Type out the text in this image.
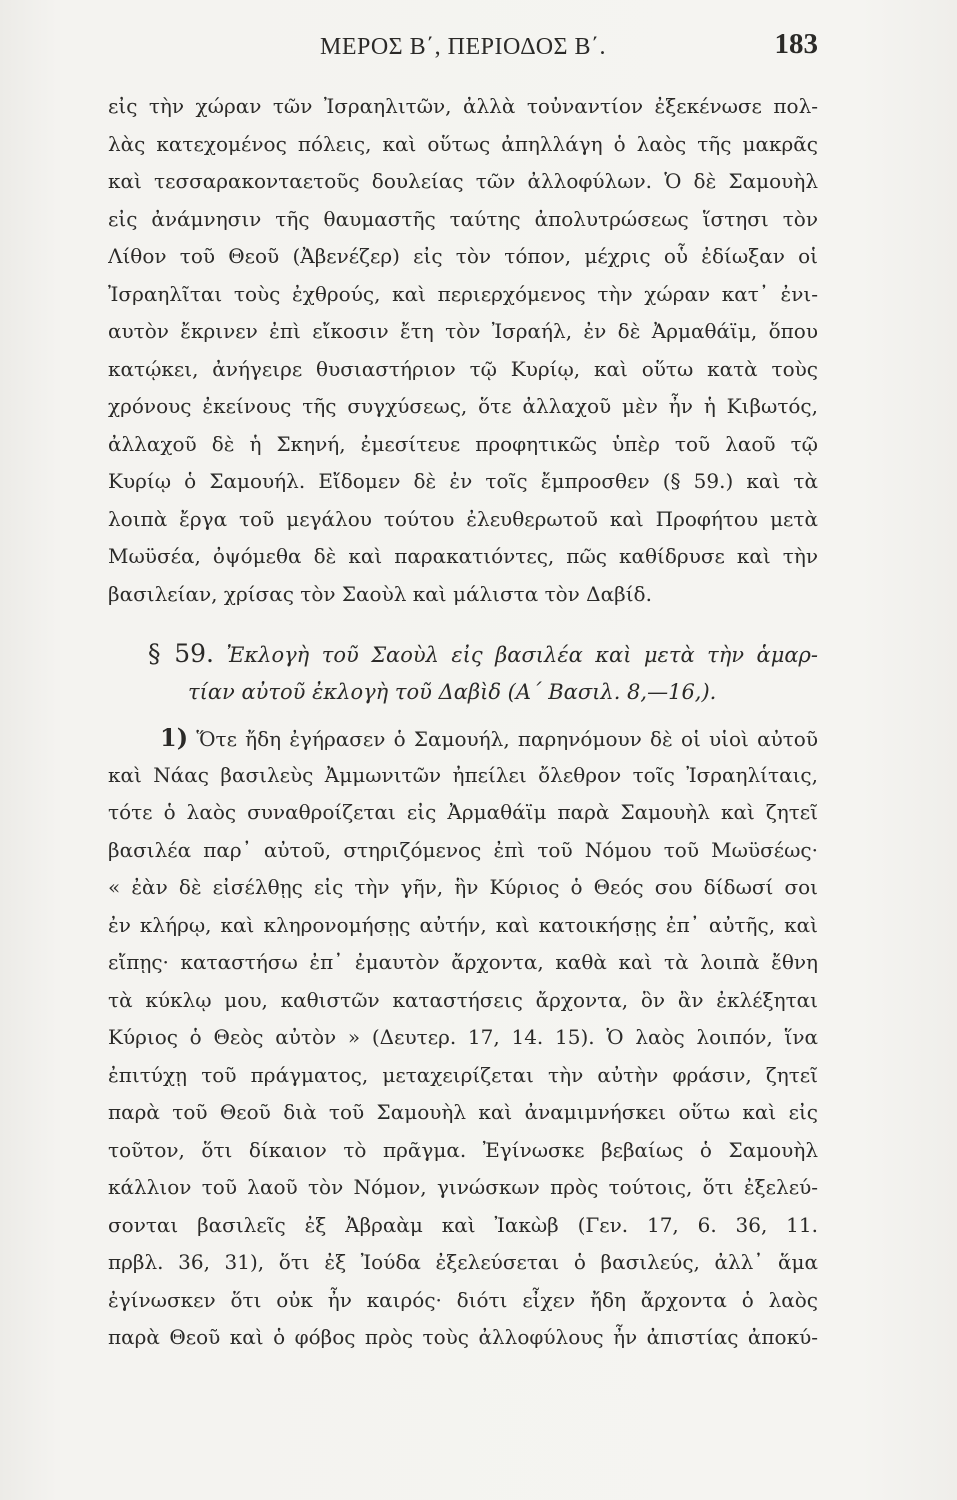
ΜΕΡΟΣ Β΄, ΠΕΡΙΟΔΟΣ Β΄.	183
εἰς τὴν χώραν τῶν Ἰσραηλιτῶν, ἀλλὰ τοὐναντίον ἐξεκένωσε πολ-
λὰς κατεχομένος πόλεις, καὶ οὕτως ἀπηλλάγη ὁ λαὸς τῆς μακρᾶς
καὶ τεσσαρακονταετοῦς δουλείας τῶν ἀλλοφύλων. Ὁ δὲ Σαμουὴλ
εἰς ἀνάμνησιν τῆς θαυμαστῆς ταύτης ἀπολυτρώσεως ἵστησι τὸν
Λίθον τοῦ Θεοῦ (Ἀβενέζερ) εἰς τὸν τόπον, μέχρις οὗ ἐδίωξαν οἱ
Ἰσραηλῖται τοὺς ἐχθρούς, καὶ περιερχόμενος τὴν χώραν κατ᾽ ἐνι-
αυτὸν ἔκρινεν ἐπὶ εἴκοσιν ἔτη τὸν Ἰσραήλ, ἐν δὲ Ἀρμαθάϊμ, ὅπου
κατῴκει, ἀνήγειρε θυσιαστήριον τῷ Κυρίῳ, καὶ οὕτω κατὰ τοὺς
χρόνους ἐκείνους τῆς συγχύσεως, ὅτε ἀλλαχοῦ μὲν ἦν ἡ Κιβωτός,
ἀλλαχοῦ δὲ ἡ Σκηνή, ἐμεσίτευε προφητικῶς ὑπὲρ τοῦ λαοῦ τῷ
Κυρίῳ ὁ Σαμουήλ. Εἴδομεν δὲ ἐν τοῖς ἔμπροσθεν (§ 59.) καὶ τὰ
λοιπὰ ἔργα τοῦ μεγάλου τούτου ἐλευθερωτοῦ καὶ Προφήτου μετὰ
Μωϋσέα, ὀψόμεθα δὲ καὶ παρακατιόντες, πῶς καθίδρυσε καὶ τὴν
βασιλείαν, χρίσας τὸν Σαοὺλ καὶ μάλιστα τὸν Δαβίδ.
§ 59. Ἐκλογὴ τοῦ Σαοὺλ εἰς βασιλέα καὶ μετὰ τὴν ἁμαρ-
τίαν αὐτοῦ ἐκλογὴ τοῦ Δαβὶδ (Α΄ Βασιλ. 8,—16,).
1) Ὅτε ἤδη ἐγήρασεν ὁ Σαμουήλ, παρηνόμουν δὲ οἱ υἱοὶ αὐτοῦ
καὶ Νάας βασιλεὺς Ἀμμωνιτῶν ἠπείλει ὄλεθρον τοῖς Ἰσραηλίταις,
τότε ὁ λαὸς συναθροίζεται εἰς Ἀρμαθάϊμ παρὰ Σαμουὴλ καὶ ζητεῖ
βασιλέα παρ᾽ αὐτοῦ, στηριζόμενος ἐπὶ τοῦ Νόμου τοῦ Μωϋσέως·
« ἐὰν δὲ εἰσέλθῃς εἰς τὴν γῆν, ἣν Κύριος ὁ Θεός σου δίδωσί σοι
ἐν κλήρῳ, καὶ κληρονομήσῃς αὐτήν, καὶ κατοικήσῃς ἐπ᾽ αὐτῆς, καὶ
εἴπῃς· καταστήσω ἐπ᾽ ἐμαυτὸν ἄρχοντα, καθὰ καὶ τὰ λοιπὰ ἔθνη
τὰ κύκλῳ μου, καθιστῶν καταστήσεις ἄρχοντα, ὃν ἂν ἐκλέξηται
Κύριος ὁ Θεὸς αὐτὸν » (Δευτερ. 17, 14. 15). Ὁ λαὸς λοιπόν, ἵνα
ἐπιτύχῃ τοῦ πράγματος, μεταχειρίζεται τὴν αὐτὴν φράσιν, ζητεῖ
παρὰ τοῦ Θεοῦ διὰ τοῦ Σαμουὴλ καὶ ἀναμιμνήσκει οὕτω καὶ εἰς
τοῦτον, ὅτι δίκαιον τὸ πρᾶγμα. Ἐγίνωσκε βεβαίως ὁ Σαμουὴλ
κάλλιον τοῦ λαοῦ τὸν Νόμον, γινώσκων πρὸς τούτοις, ὅτι ἐξελεύ-
σονται βασιλεῖς ἐξ Ἀβραὰμ καὶ Ἰακὼβ (Γεν. 17, 6. 36, 11.
πρβλ. 36, 31), ὅτι ἐξ Ἰούδα ἐξελεύσεται ὁ βασιλεύς, ἀλλ᾽ ἅμα
ἐγίνωσκεν ὅτι οὐκ ἦν καιρός· διότι εἶχεν ἤδη ἄρχοντα ὁ λαὸς
παρὰ Θεοῦ καὶ ὁ φόβος πρὸς τοὺς ἀλλοφύλους ἦν ἀπιστίας ἀποκύ-
